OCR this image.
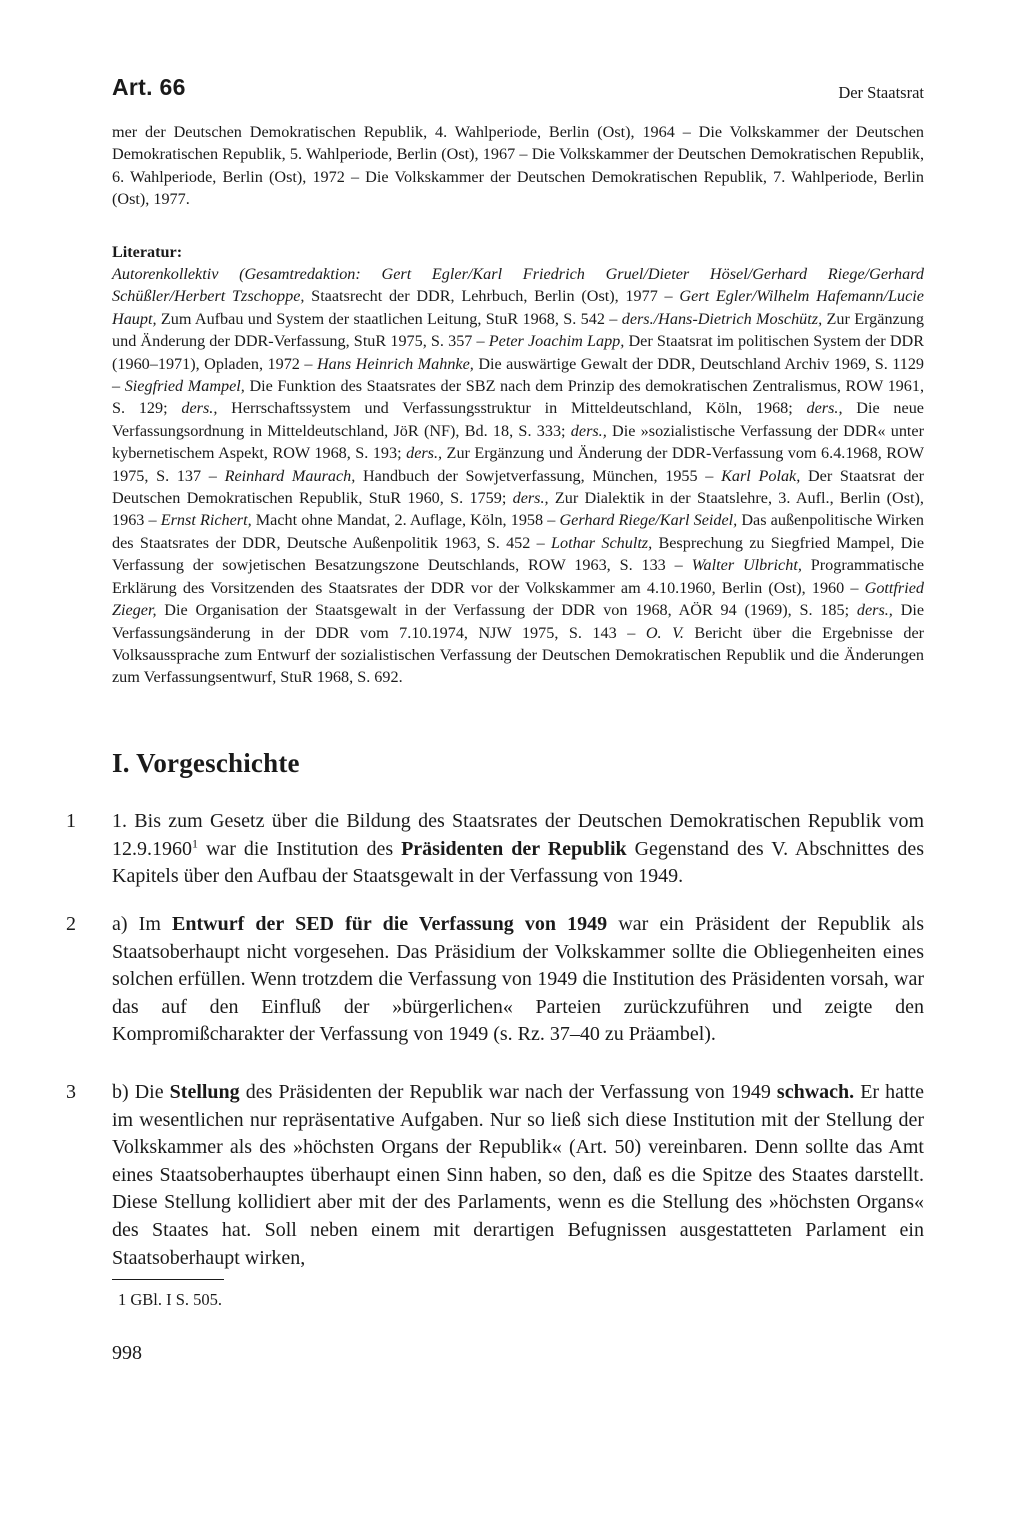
Art. 66	Der Staatsrat

mer der Deutschen Demokratischen Republik, 4. Wahlperiode, Berlin (Ost), 1964 – Die Volkskammer der Deutschen Demokratischen Republik, 5. Wahlperiode, Berlin (Ost), 1967 – Die Volkskammer der Deutschen Demokratischen Republik, 6. Wahlperiode, Berlin (Ost), 1972 – Die Volkskammer der Deutschen Demokratischen Republik, 7. Wahlperiode, Berlin (Ost), 1977.

Literatur:
Autorenkollektiv (Gesamtredaktion: Gert Egler/Karl Friedrich Gruel/Dieter Hösel/Gerhard Riege/Gerhard Schüßler/Herbert Tzschoppe, Staatsrecht der DDR, Lehrbuch, Berlin (Ost), 1977 – Gert Egler/Wilhelm Hafemann/Lucie Haupt, Zum Aufbau und System der staatlichen Leitung, StuR 1968, S. 542 – ders./Hans-Dietrich Moschütz, Zur Ergänzung und Änderung der DDR-Verfassung, StuR 1975, S. 357 – Peter Joachim Lapp, Der Staatsrat im politischen System der DDR (1960–1971), Opladen, 1972 – Hans Heinrich Mahnke, Die auswärtige Gewalt der DDR, Deutschland Archiv 1969, S. 1129 – Siegfried Mampel, Die Funktion des Staatsrates der SBZ nach dem Prinzip des demokratischen Zentralismus, ROW 1961, S. 129; ders., Herrschaftssystem und Verfassungsstruktur in Mitteldeutschland, Köln, 1968; ders., Die neue Verfassungsordnung in Mitteldeutschland, JöR (NF), Bd. 18, S. 333; ders., Die »sozialistische Verfassung der DDR« unter kybernetischem Aspekt, ROW 1968, S. 193; ders., Zur Ergänzung und Änderung der DDR-Verfassung vom 6.4.1968, ROW 1975, S. 137 – Reinhard Maurach, Handbuch der Sowjetverfassung, München, 1955 – Karl Polak, Der Staatsrat der Deutschen Demokratischen Republik, StuR 1960, S. 1759; ders., Zur Dialektik in der Staatslehre, 3. Aufl., Berlin (Ost), 1963 – Ernst Richert, Macht ohne Mandat, 2. Auflage, Köln, 1958 – Gerhard Riege/Karl Seidel, Das außenpolitische Wirken des Staatsrates der DDR, Deutsche Außenpolitik 1963, S. 452 – Lothar Schultz, Besprechung zu Siegfried Mampel, Die Verfassung der sowjetischen Besatzungszone Deutschlands, ROW 1963, S. 133 – Walter Ulbricht, Programmatische Erklärung des Vorsitzenden des Staatsrates der DDR vor der Volkskammer am 4.10.1960, Berlin (Ost), 1960 – Gottfried Zieger, Die Organisation der Staatsgewalt in der Verfassung der DDR von 1968, AÖR 94 (1969), S. 185; ders., Die Verfassungsänderung in der DDR vom 7.10.1974, NJW 1975, S. 143 – O. V. Bericht über die Ergebnisse der Volksaussprache zum Entwurf der sozialistischen Verfassung der Deutschen Demokratischen Republik und die Änderungen zum Verfassungsentwurf, StuR 1968, S. 692.
I. Vorgeschichte
1	1. Bis zum Gesetz über die Bildung des Staatsrates der Deutschen Demokratischen Republik vom 12.9.1960$^1$ war die Institution des Präsidenten der Republik Gegenstand des V. Abschnittes des Kapitels über den Aufbau der Staatsgewalt in der Verfassung von 1949.
2	a) Im Entwurf der SED für die Verfassung von 1949 war ein Präsident der Republik als Staatsoberhaupt nicht vorgesehen. Das Präsidium der Volkskammer sollte die Obliegenheiten eines solchen erfüllen. Wenn trotzdem die Verfassung von 1949 die Institution des Präsidenten vorsah, war das auf den Einfluß der »bürgerlichen« Parteien zurückzuführen und zeigte den Kompromißcharakter der Verfassung von 1949 (s. Rz. 37–40 zu Präambel).
3	b) Die Stellung des Präsidenten der Republik war nach der Verfassung von 1949 schwach. Er hatte im wesentlichen nur repräsentative Aufgaben. Nur so ließ sich diese Institution mit der Stellung der Volkskammer als des »höchsten Organs der Republik« (Art. 50) vereinbaren. Denn sollte das Amt eines Staatsoberhauptes überhaupt einen Sinn haben, so den, daß es die Spitze des Staates darstellt. Diese Stellung kollidiert aber mit der des Parlaments, wenn es die Stellung des »höchsten Organs« des Staates hat. Soll neben einem mit derartigen Befugnissen ausgestatteten Parlament ein Staatsoberhaupt wirken,
1 GBl. I S. 505.
998
